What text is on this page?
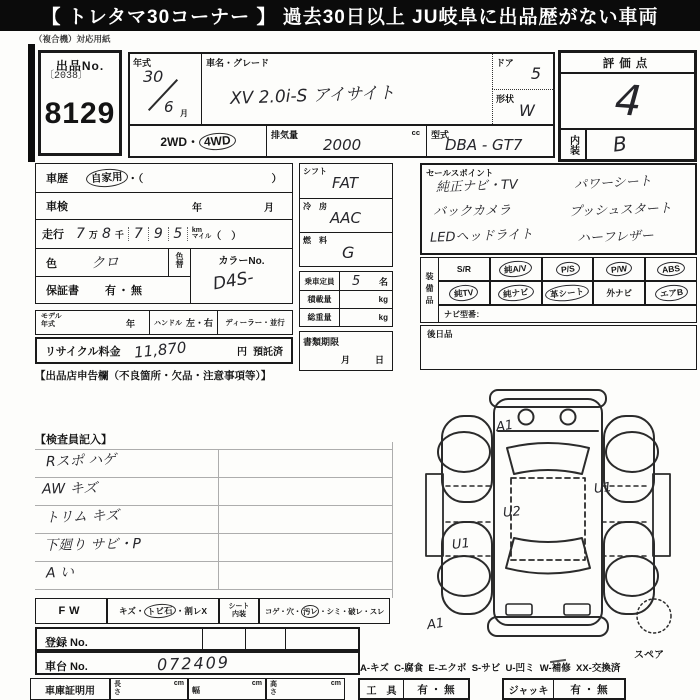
【 トレタマ30コーナー 】 過去30日以上 JU岐阜に出品歴がない車両
（複合機）対応用紙
出品No.
〔2038〕
8129
年式
30
6 月
車名・グレード
XV 2.0i-S アイサイト
ドア
5
形状
W
2WD・ 4WD	排気量	cc
2000
型式
DBA - GT7
評価点
4
内装	B
車歴	自家用 ・（	）
車検	年	月
走行 7 万 8 千 7 9 5	km
マイル （　）
色 クロ	色替	カラーNo.
D4S-
保証書 有・無
シフト
FAT
冷　房
AAC
燃　料
G
乗車定員	5 名
積載量	kg
総重量	kg
書類期限
月	日
セールスポイント
純正ナビ・TV
バックカメラ
LEDヘッドライト
パワーシート
プッシュスタート
ハーフレザー
装備品
S/R	純A/V	P/S	P/W	ABS
純TV	純ナビ	革シート	外ナビ	エアB
ナビ型番：
後日品
モデル
年式	年	ハンドル 左・右 ディーラー・並行
リサイクル料金 11,870	円 預託済
【出品店申告欄（不良箇所・欠品・注意事項等）】
【検査員記入】
Rスポ ハゲ
AW キズ
トリム キズ
下廻り サビ・P
A い
A1
U1
U2
U1
A1
スペア
FW	キズ・ トビ石 ・割レX	シート
内装	コゲ・穴・ 汚レ ・シミ・破レ・スレ
登録 No.
車台 No.	072409	A-キズ  C-腐食  E-エクボ  S-サビ  U-凹ミ  W-補修  XX-交換済
車庫証明用
長さ
cm
幅
cm 高さ
cm
工　具	有 ・ 無	ジャッキ	有 ・ 無
